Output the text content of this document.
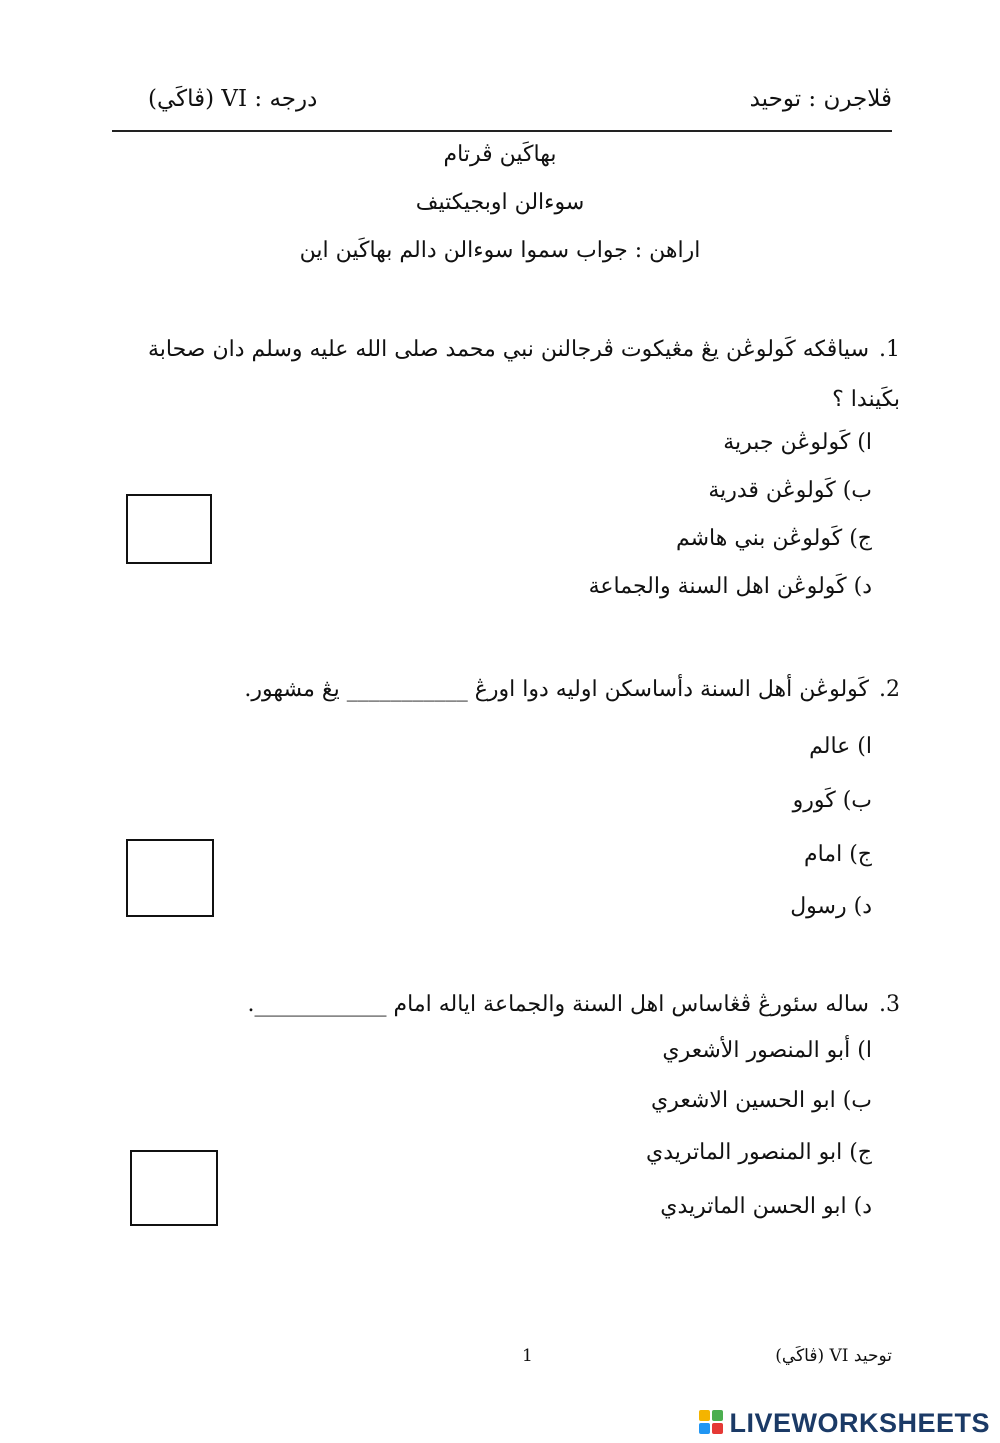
ڤلاجرن : توحيد
درجه : VI (ڤاكَي)
بهاكَين ڤرتام
سوءالن اوبجيكتيف
اراهن : جواب سموا سوءالن دالم بهاكَين اين
1.سياڤكه كَولوڠن يڠ مڠيكوت ڤرجالنن نبي محمد صلى الله عليه وسلم دان صحابة بكَيندا ؟
ا) كَولوڠن جبرية
ب) كَولوڠن قدرية
ج) كَولوڠن بني هاشم
د) كَولوڠن اهل السنة والجماعة
2.كَولوڠن أهل السنة دأساسكن اوليه دوا اورڠ ___________ يڠ مشهور.
ا) عالم
ب) كَورو
ج) امام
د) رسول
3.ساله سئورڠ ڤڠاساس اهل السنة والجماعة اياله امام ____________.
ا) أبو المنصور الأشعري
ب) ابو الحسين الاشعري
ج) ابو المنصور الماتريدي
د) ابو الحسن الماتريدي
توحيد VI (ڤاكَي)
1
LIVEWORKSHEETS
